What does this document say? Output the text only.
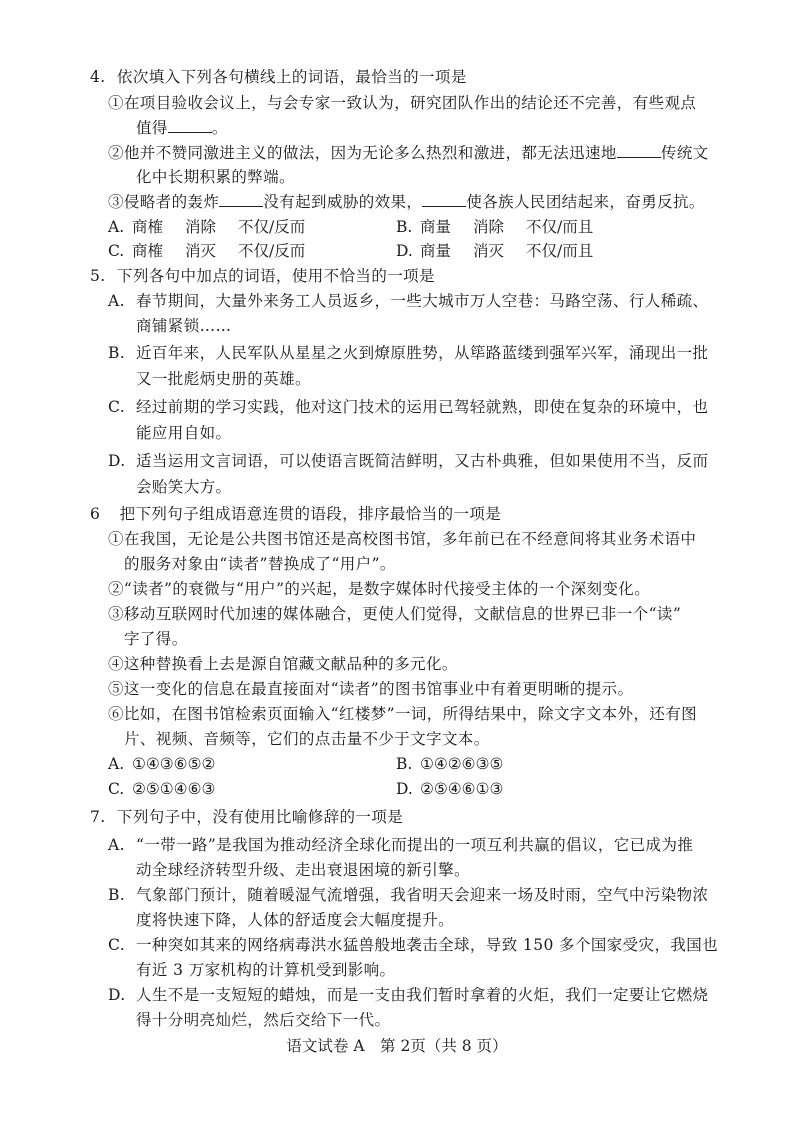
4. 依次填入下列各句横线上的词语，最恰当的一项是
①在项目验收会议上，与会专家一致认为，研究团队作出的结论还不完善，有些观点
值得	。
②他并不赞同激进主义的做法，因为无论多么热烈和激进，都无法迅速地	传统文
化中长期积累的弊端。
③侵略者的轰炸	没有起到威胁的效果，	使各族人民团结起来，奋勇反抗。
A. 商榷 消除 不仅/反而	B. 商量 消除 不仅/而且
C. 商榷 消灭 不仅/反而	D. 商量 消灭 不仅/而且
5. 下列各句中加点的词语，使用不恰当的一项是
A. 春节期间，大量外来务工人员返乡，一些大城市万人空巷：马路空荡、行人稀疏、
商铺紧锁……
B. 近百年来，人民军队从星星之火到燎原胜势，从筚路蓝缕到强军兴军，涌现出一批
又一批彪炳史册的英雄。
C. 经过前期的学习实践，他对这门技术的运用已驾轻就熟，即使在复杂的环境中，也
能应用自如。
D. 适当运用文言词语，可以使语言既简洁鲜明，又古朴典雅，但如果使用不当，反而
会贻笑大方。
6 把下列句子组成语意连贯的语段，排序最恰当的一项是
①在我国，无论是公共图书馆还是高校图书馆，多年前已在不经意间将其业务术语中
的服务对象由“读者”替换成了“用户”。
②“读者”的衰微与“用户”的兴起，是数字媒体时代接受主体的一个深刻变化。
③移动互联网时代加速的媒体融合，更使人们觉得，文献信息的世界已非一个“读”
字了得。
④这种替换看上去是源自馆藏文献品种的多元化。
⑤这一变化的信息在最直接面对“读者”的图书馆事业中有着更明晰的提示。
⑥比如，在图书馆检索页面输入“红楼梦”一词，所得结果中，除文字文本外，还有图
片、视频、音频等，它们的点击量不少于文字文本。
A. ①④③⑥⑤②	B. ①④②⑥③⑤
C. ②⑤①④⑥③	D. ②⑤④⑥①③
7. 下列句子中，没有使用比喻修辞的一项是
A. “一带一路”是我国为推动经济全球化而提出的一项互利共赢的倡议，它已成为推
动全球经济转型升级、走出衰退困境的新引擎。
B. 气象部门预计，随着暖湿气流增强，我省明天会迎来一场及时雨，空气中污染物浓
度将快速下降，人体的舒适度会大幅度提升。
C. 一种突如其来的网络病毒洪水猛兽般地袭击全球，导致 150 多个国家受灾，我国也
有近 3 万家机构的计算机受到影响。
D. 人生不是一支短短的蜡烛，而是一支由我们暂时拿着的火炬，我们一定要让它燃烧
得十分明亮灿烂，然后交给下一代。
语文试卷 A　第 2页（共 8 页）
